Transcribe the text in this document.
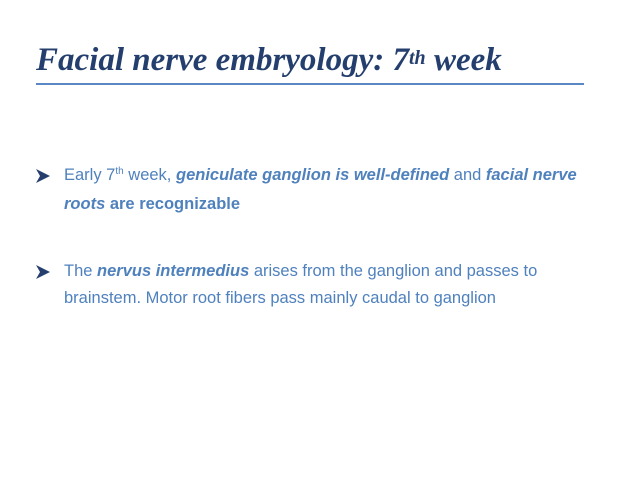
Facial nerve embryology: 7th week
Early 7th week, geniculate ganglion is well-defined and facial nerve roots are recognizable
The nervus intermedius arises from the ganglion and passes to brainstem. Motor root fibers pass mainly caudal to ganglion
